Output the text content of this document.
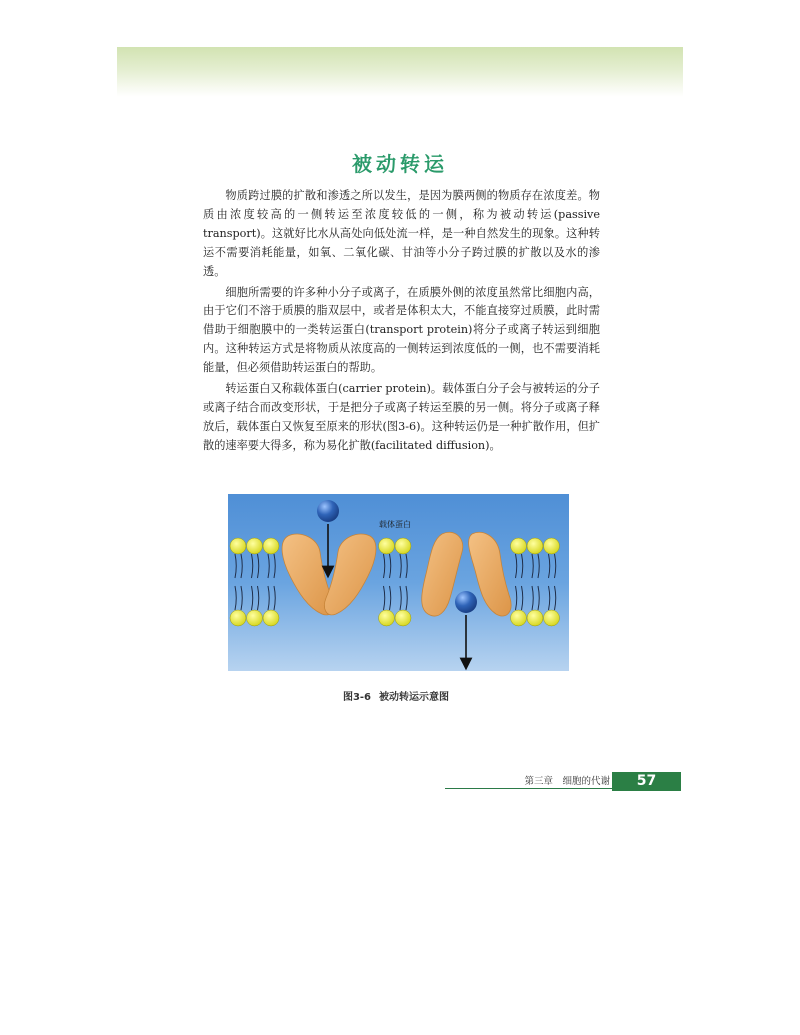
被动转运

物质跨过膜的扩散和渗透之所以发生，是因为膜两侧的物质存在浓度差。物质由浓度较高的一侧转运至浓度较低的一侧，称为被动转运(passive transport)。这就好比水从高处向低处流一样，是一种自然发生的现象。这种转运不需要消耗能量，如氧、二氧化碳、甘油等小分子跨过膜的扩散以及水的渗透。

细胞所需要的许多种小分子或离子，在质膜外侧的浓度虽然常比细胞内高，由于它们不溶于质膜的脂双层中，或者是体积太大，不能直接穿过质膜，此时需借助于细胞膜中的一类转运蛋白(transport protein)将分子或离子转运到细胞内。这种转运方式是将物质从浓度高的一侧转运到浓度低的一侧，也不需要消耗能量，但必须借助转运蛋白的帮助。

转运蛋白又称载体蛋白(carrier protein)。载体蛋白分子会与被转运的分子或离子结合而改变形状，于是把分子或离子转运至膜的另一侧。将分子或离子释放后，载体蛋白又恢复至原来的形状(图3-6)。这种转运仍是一种扩散作用，但扩散的速率要大得多，称为易化扩散(facilitated diffusion)。

载体蛋白
图3-6 被动转运示意图
第三章　细胞的代谢	57
